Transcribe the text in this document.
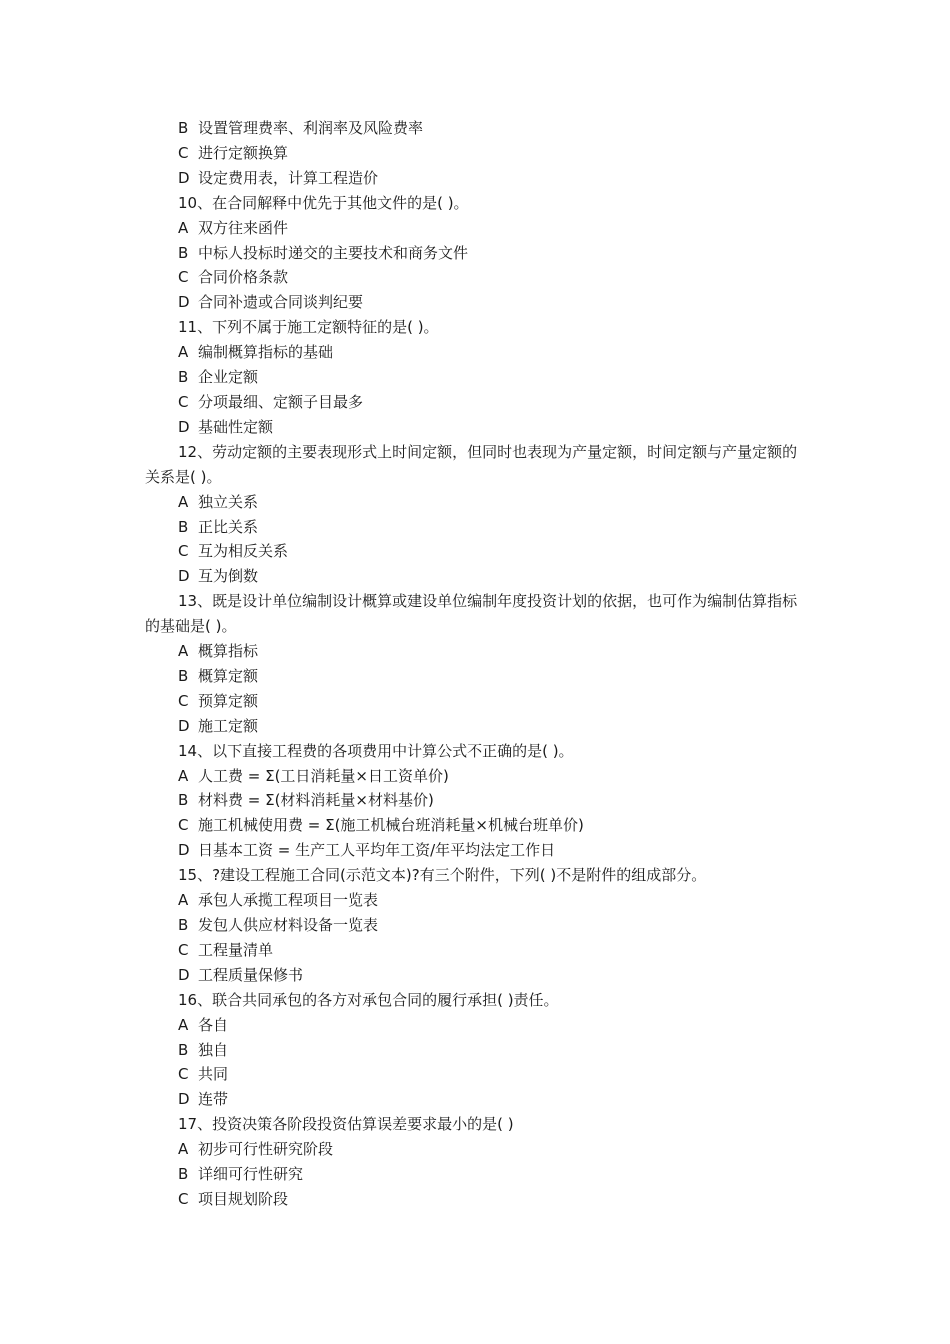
B 设置管理费率、利润率及风险费率
C 进行定额换算
D 设定费用表，计算工程造价
10、在合同解释中优先于其他文件的是( )。
A 双方往来函件
B 中标人投标时递交的主要技术和商务文件
C 合同价格条款
D 合同补遗或合同谈判纪要
11、下列不属于施工定额特征的是( )。
A 编制概算指标的基础
B 企业定额
C 分项最细、定额子目最多
D 基础性定额
12、劳动定额的主要表现形式上时间定额，但同时也表现为产量定额，时间定额与产量定额的关系是( )。
A 独立关系
B 正比关系
C 互为相反关系
D 互为倒数
13、既是设计单位编制设计概算或建设单位编制年度投资计划的依据，也可作为编制估算指标的基础是( )。
A 概算指标
B 概算定额
C 预算定额
D 施工定额
14、以下直接工程费的各项费用中计算公式不正确的是( )。
A 人工费 = Σ(工日消耗量×日工资单价)
B 材料费 = Σ(材料消耗量×材料基价)
C 施工机械使用费 = Σ(施工机械台班消耗量×机械台班单价)
D 日基本工资 = 生产工人平均年工资/年平均法定工作日
15、?建设工程施工合同(示范文本)?有三个附件，下列( )不是附件的组成部分。
A 承包人承揽工程项目一览表
B 发包人供应材料设备一览表
C 工程量清单
D 工程质量保修书
16、联合共同承包的各方对承包合同的履行承担( )责任。
A 各自
B 独自
C 共同
D 连带
17、投资决策各阶段投资估算误差要求最小的是( )
A 初步可行性研究阶段
B 详细可行性研究
C 项目规划阶段
